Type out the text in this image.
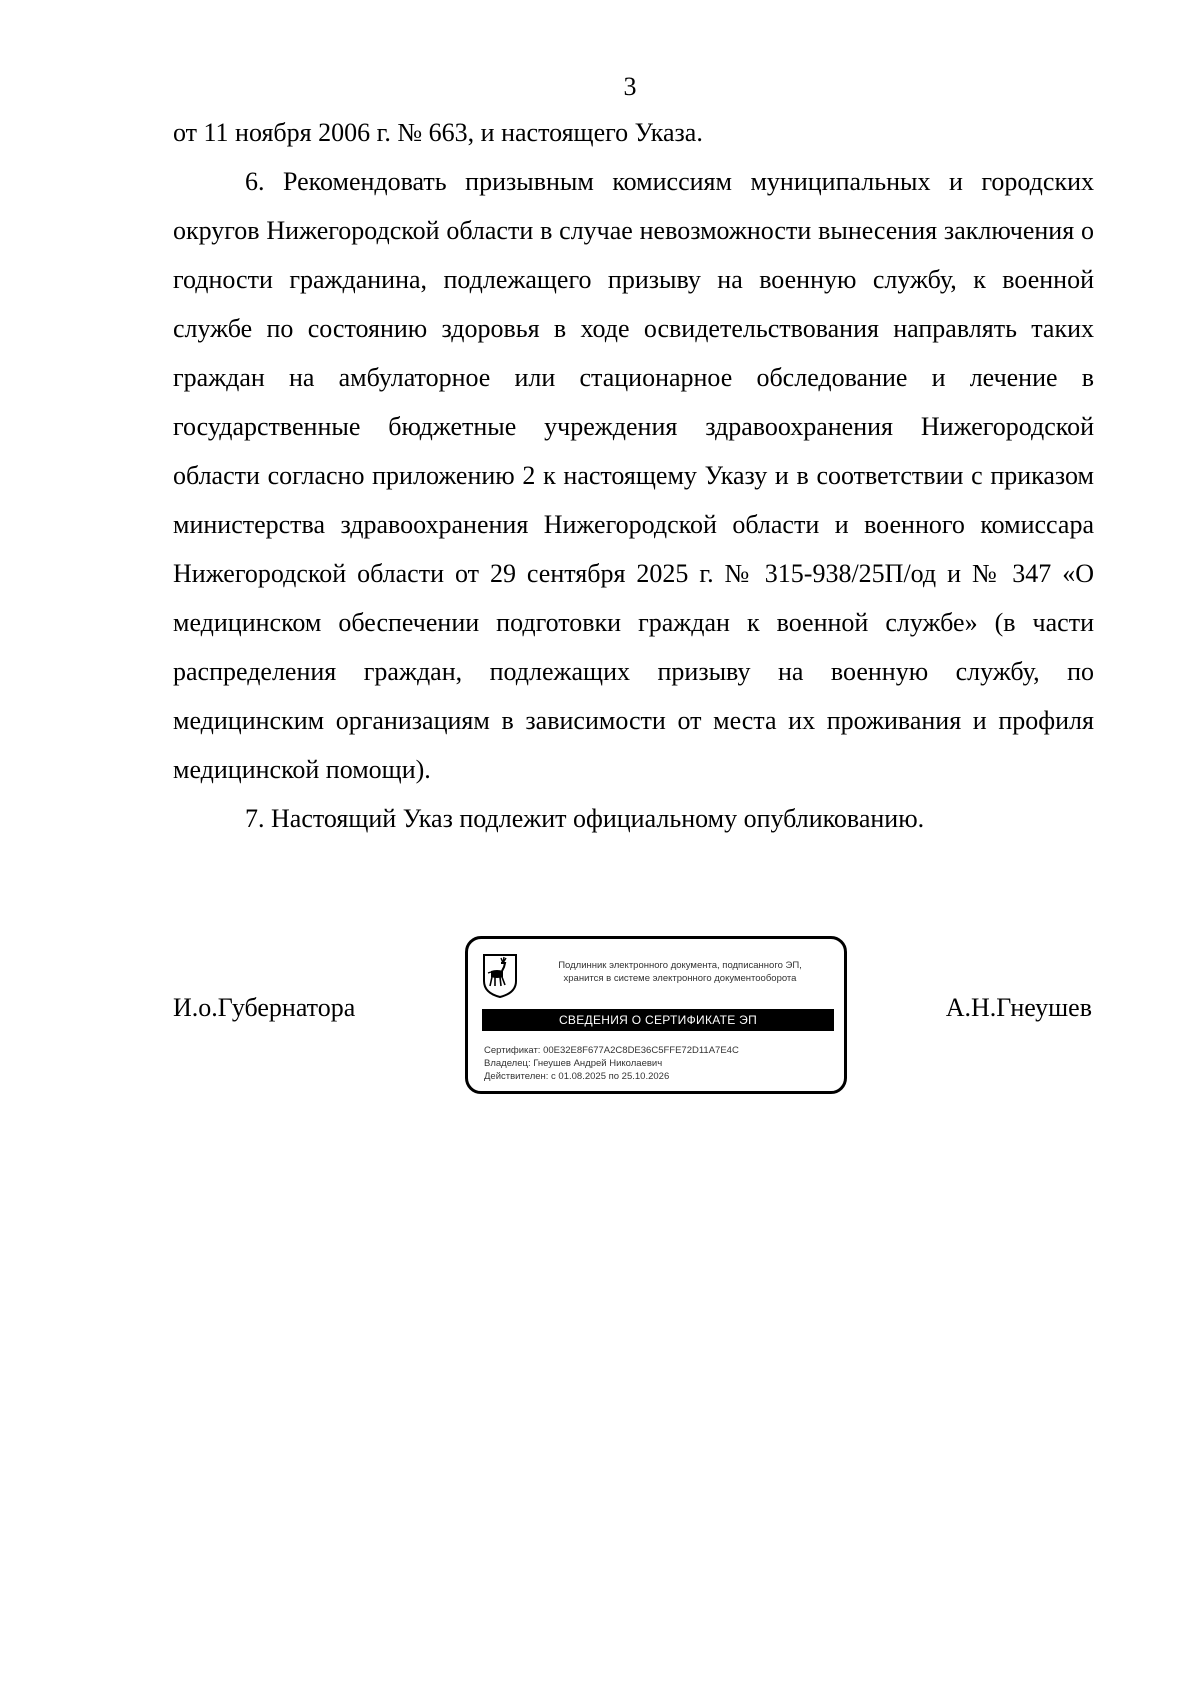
3

от 11 ноября 2006 г. № 663, и настоящего Указа.

6. Рекомендовать призывным комиссиям муниципальных и городских округов Нижегородской области в случае невозможности вынесения заключения о годности гражданина, подлежащего призыву на военную службу, к военной службе по состоянию здоровья в ходе освидетельствования направлять таких граждан на амбулаторное или стационарное обследование и лечение в государственные бюджетные учреждения здравоохранения Нижегородской области согласно приложению 2 к настоящему Указу и в соответствии с приказом министерства здравоохранения Нижегородской области и военного комиссара Нижегородской области от 29 сентября 2025 г. № 315-938/25П/од и № 347 «О медицинском обеспечении подготовки граждан к военной службе» (в части распределения граждан, подлежащих призыву на военную службу, по медицинским организациям в зависимости от места их проживания и профиля медицинской помощи).

7. Настоящий Указ подлежит официальному опубликованию.

И.о.Губернатора	А.Н.Гнеушев
Подлинник электронного документа, подписанного ЭП,
хранится в системе электронного документооборота
СВЕДЕНИЯ О СЕРТИФИКАТЕ ЭП
Сертификат: 00E32E8F677A2C8DE36C5FFE72D11A7E4C
Владелец: Гнеушев Андрей Николаевич
Действителен: с 01.08.2025 по 25.10.2026
